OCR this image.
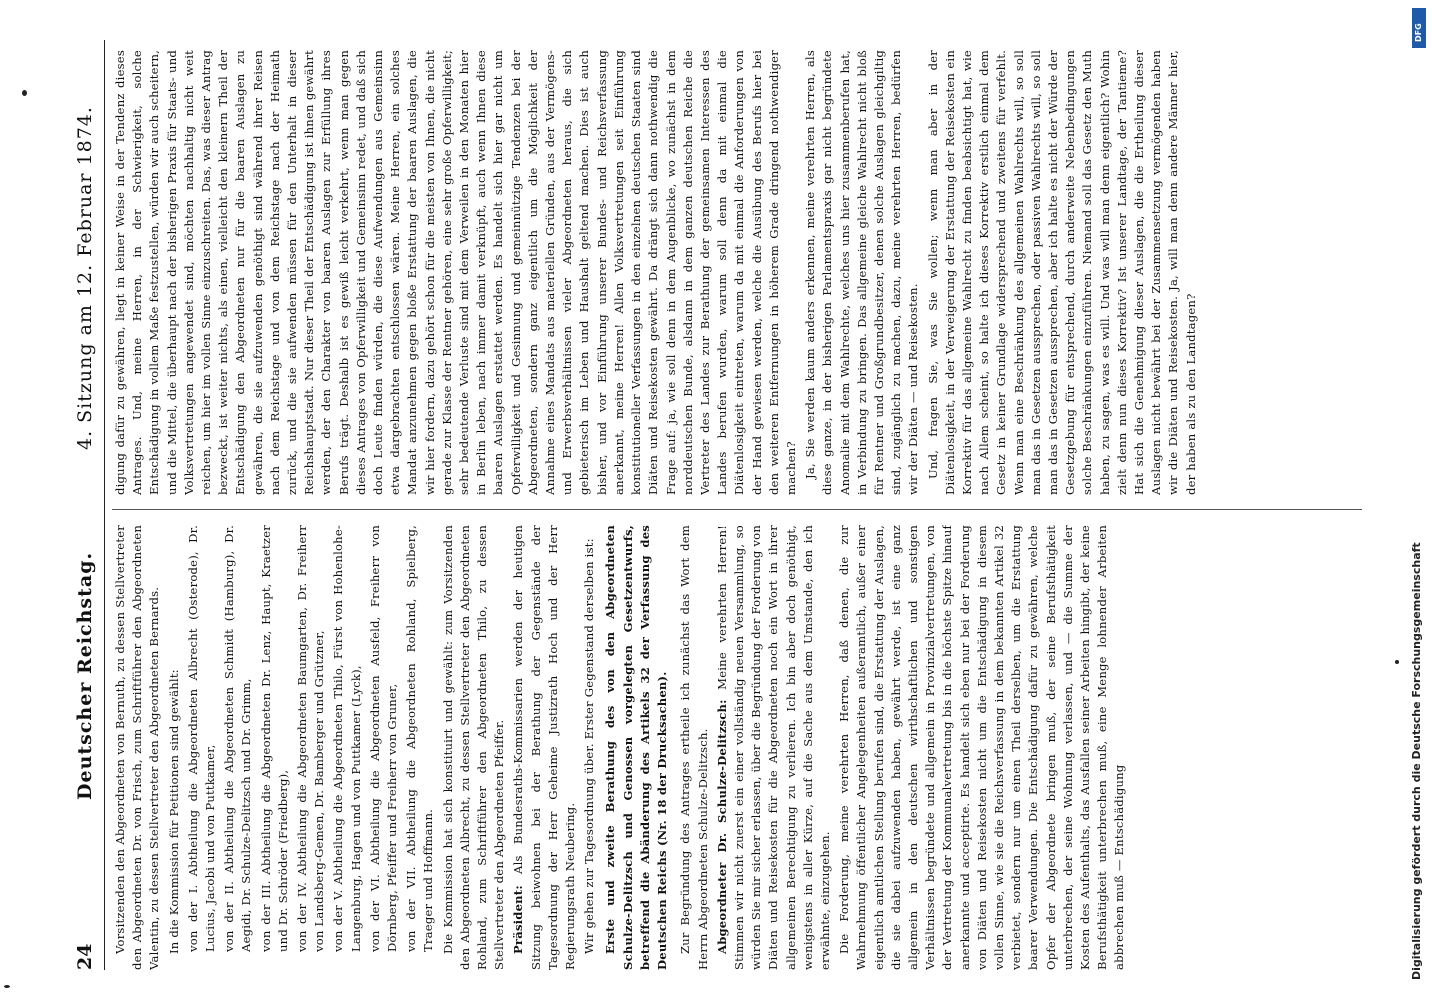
24
Deutscher Reichstag.
4. Sitzung am 12. Februar 1874.

Vorsitzenden den Abgeordneten von Bernuth, zu dessen Stellvertreter den Abgeordneten Dr. von Frisch, zum Schriftführer den Abgeordneten Valentin, zu dessen Stellvertreter den Abgeordneten Bernards. In die Kommission für Petitionen sind gewählt: von der I. Abtheilung die Abgeordneten Albrecht (Osterode), Dr. Lucius, Jacobi und von Puttkamer, von der II. Abtheilung die Abgeordneten Schmidt (Hamburg), Dr. Aegidi, Dr. Schulze-Delitzsch und Dr. Grimm, von der III. Abtheilung die Abgeordneten Dr. Lenz, Haupt, Kraetzer und Dr. Schröder (Friedberg), von der IV. Abtheilung die Abgeordneten Baumgarten, Dr. Freiherr von Landsberg-Gemen, Dr. Bamberger und Grützner, von der V. Abtheilung die Abgeordneten Thilo, Fürst von Hohenlohe-Langenburg, Hagen und von Puttkamer (Lyck), von der VI. Abtheilung die Abgeordneten Ausfeld, Freiherr von Dörnberg, Pfeiffer und Freiherr von Gruner, von der VII. Abtheilung die Abgeordneten Rohland, Spielberg, Traeger und Hoffmann. Die Kommission hat sich konstituirt und gewählt: zum Vorsitzenden den Abgeordneten Albrecht, zu dessen Stellvertreter den Abgeordneten Rohland, zum Schriftführer den Abgeordneten Thilo, zu dessen Stellvertreter den Abgeordneten Pfeiffer. Präsident: Als Bundesraths-Kommissarien werden der heutigen Sitzung beiwohnen bei der Berathung der Gegenstände der Tagesordnung der Herr Geheime Justizrath Hoch und der Herr Regierungsrath Neubering. Wir gehen zur Tagesordnung über. Erster Gegenstand derselben ist: Erste und zweite Berathung des von den Abgeordneten Schulze-Delitzsch und Genossen vorgelegten Gesetzentwurfs, betreffend die Abänderung des Artikels 32 der Verfassung des Deutschen Reichs (Nr. 18 der Drucksachen). Zur Begründung des Antrages ertheile ich zunächst das Wort dem Herrn Abgeordneten Schulze-Delitzsch. Abgeordneter Dr. Schulze-Delitzsch: Meine verehrten Herren! Stimmen wir nicht zuerst ein einer vollständig neuen Versammlung, so würden Sie mir sicher erlassen, über die Begründung der Forderung von Diäten und Reisekosten für die Abgeordneten noch ein Wort in ihrer allgemeinen Berechtigung zu verlieren. Ich bin aber doch genöthigt, wenigstens in aller Kürze, auf die Sache aus dem Umstande, den ich erwähnte, einzugehen. Die Forderung, meine verehrten Herren, daß denen, die zur Wahrnehmung öffentlicher Angelegenheiten außeramtlich, außer einer eigentlich amtlichen Stellung berufen sind, die Erstattung der Auslagen, die sie dabei aufzuwenden haben, gewährt werde, ist eine ganz allgemein in den deutschen wirthschaftlichen und sonstigen Verhältnissen begründete und allgemein in Provinzialvertretungen, von der Vertretung der Kommunalvertretung bis in die höchste Spitze hinauf anerkannte und acceptirte. Es handelt sich eben nur bei der Forderung von Diäten und Reisekosten nicht um die Entschädigung in diesem vollen Sinne, wie sie die Reichsverfassung in dem bekannten Artikel 32 verbietet, sondern nur um einen Theil derselben, um die Erstattung baarer Verwendungen. Die Entschädigung dafür zu gewähren, welche Opfer der Abgeordnete bringen muß, der seine Berufsthätigkeit unterbrechen, der seine Wohnung verlassen, und — die Summe der Kosten des Aufenthalts, das Ausfallen seiner Arbeiten hingibt, der keine Berufsthätigkeit unterbrechen muß, eine Menge lohnender Arbeiten abbrechen muß — Entschädigung

digung dafür zu gewähren, liegt in keiner Weise in der Tendenz dieses Antrages. Und, meine Herren, in der Schwierigkeit, solche Entschädigung in vollem Maße festzustellen, würden wir auch scheitern, und die Mittel, die überhaupt nach der bisherigen Praxis für Staats- und Volksvertretungen angewendet sind, möchten nachhaltig nicht weit reichen, um hier im vollen Sinne einzuschreiten. Das, was dieser Antrag bezweckt, ist weiter nichts, als einen, vielleicht den kleinern Theil der Entschädigung den Abgeordneten nur für die baaren Auslagen zu gewähren, die sie aufzuwenden genöthigt sind während ihrer Reisen nach dem Reichstage und von dem Reichstage nach der Heimath zurück, und die sie aufwenden müssen für den Unterhalt in dieser Reichshauptstadt. Nur dieser Theil der Entschädigung ist ihnen gewährt werden, der den Charakter von baaren Auslagen zur Erfüllung ihres Berufs trägt. Deshalb ist es gewiß leicht verkehrt, wenn man gegen dieses Antrages von Opferwilligkeit und Gemeinsinn redet, und daß sich doch Leute finden würden, die diese Aufwendungen aus Gemeinsinn etwa dargebrachten entschlossen wären. Meine Herren, ein solches Mandat anzunehmen gegen bloße Erstattung der baaren Auslagen, die wir hier fordern, dazu gehört schon für die meisten von Ihnen, die nicht gerade zur Klasse der Rentner gehören, eine sehr große Opferwilligkeit; sehr bedeutende Verluste sind mit dem Verweilen in den Monaten hier in Berlin leben, nach immer damit verknüpft, auch wenn Ihnen diese baaren Auslagen erstattet werden. Es handelt sich hier gar nicht um Opferwilligkeit und Gesinnung und gemeinnützige Tendenzen bei der Abgeordneten, sondern ganz eigentlich um die Möglichkeit der Annahme eines Mandats aus materiellen Gründen, aus der Vermögens- und Erwerbsverhältnissen vieler Abgeordneten heraus, die sich gebieterisch im Leben und Haushalt geltend machen. Dies ist auch bisher, und vor Einführung unserer Bundes- und Reichsverfassung anerkannt, meine Herren! Allen Volksvertretungen seit Einführung konstitutioneller Verfassungen in den einzelnen deutschen Staaten sind Diäten und Reisekosten gewährt. Da drängt sich dann nothwendig die Frage auf: ja, wie soll denn in dem Augenblicke, wo zunächst in dem norddeutschen Bunde, alsdann in dem ganzen deutschen Reiche die Vertreter des Landes zur Berathung der gemeinsamen Interessen des Landes berufen wurden, warum soll denn da mit einmal die Diätenlosigkeit eintreten, warum da mit einmal die Anforderungen von der Hand gewiesen werden, welche die Ausübung des Berufs hier bei den weiteren Entfernungen in höherem Grade dringend nothwendiger machen? Ja, Sie werden kaum anders erkennen, meine verehrten Herren, als diese ganze, in der bisherigen Parlamentspraxis gar nicht begründete Anomalie mit dem Wahlrechte, welches uns hier zusammenberufen hat, in Verbindung zu bringen. Das allgemeine gleiche Wahlrecht nicht bloß für Rentner und Großgrundbesitzer, denen solche Auslagen gleichgiltig sind, zugänglich zu machen, dazu, meine verehrten Herren, bedürfen wir der Diäten — und Reisekosten. Und, fragen Sie, was Sie wollen; wenn man aber in der Diätenlosigkeit, in der Verweigerung der Erstattung der Reisekosten ein Korrektiv für das allgemeine Wahlrecht zu finden beabsichtigt hat, wie nach Allem scheint, so halte ich dieses Korrektiv erstlich einmal dem Gesetz in keiner Grundlage widersprechend und zweitens für verfehlt. Wenn man eine Beschränkung des allgemeinen Wahlrechts will, so soll man das in Gesetzen aussprechen, oder passiven Wahlrechts will, so soll man das in Gesetzen aussprechen, aber ich halte es nicht der Würde der Gesetzgebung für entsprechend, durch anderweite Nebenbedingungen solche Beschränkungen einzuführen. Niemand soll das Gesetz den Muth haben, zu sagen, was es will. Und was will man denn eigentlich? Wohin zielt denn nun dieses Korrektiv? Ist unserer Landtage, der Tantieme? Hat sich die Genehmigung dieser Auslagen, die die Ertheilung dieser Auslagen nicht bewährt bei der Zusammensetzung vermögenden haben wir die Diäten und Reisekosten. Ja, will man denn andere Männer hier, der haben als zu den Landtagen?

DFG
Digitalisierung gefördert durch die Deutsche Forschungsgemeinschaft
